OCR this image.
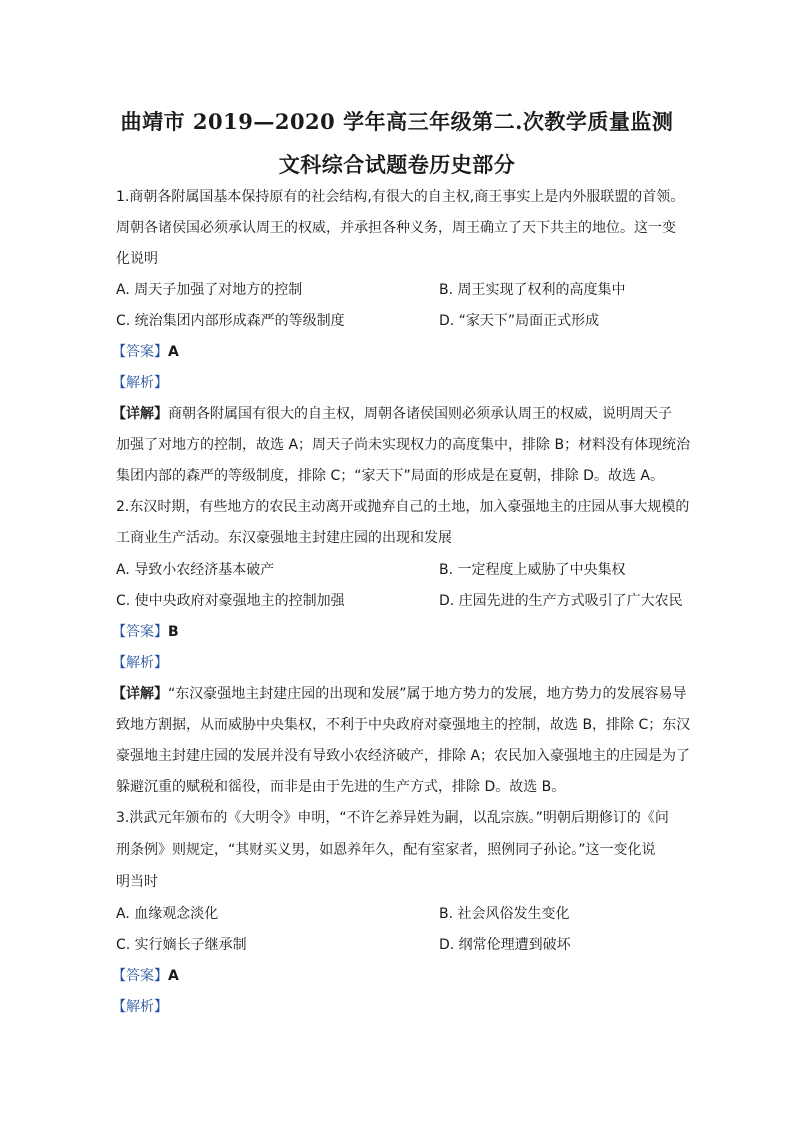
曲靖市 2019—2020 学年高三年级第二.次教学质量监测
文科综合试题卷历史部分
1.商朝各附属国基本保持原有的社会结构,有很大的自主权,商王事实上是内外服联盟的首领。
周朝各诸侯国必须承认周王的权威，并承担各种义务，周王确立了天下共主的地位。这一变
化说明
A. 周天子加强了对地方的控制	B. 周王实现了权利的高度集中
C. 统治集团内部形成森严的等级制度	D. “家天下”局面正式形成
【答案】A
【解析】
【详解】商朝各附属国有很大的自主权，周朝各诸侯国则必须承认周王的权威，说明周天子
加强了对地方的控制，故选 A；周天子尚未实现权力的高度集中，排除 B；材料没有体现统治
集团内部的森严的等级制度，排除 C；“家天下”局面的形成是在夏朝，排除 D。故选 A。
2.东汉时期，有些地方的农民主动离开或抛弃自己的土地，加入豪强地主的庄园从事大规模的
工商业生产活动。东汉豪强地主封建庄园的出现和发展
A. 导致小农经济基本破产	B. 一定程度上威胁了中央集权
C. 使中央政府对豪强地主的控制加强	D. 庄园先进的生产方式吸引了广大农民
【答案】B
【解析】
【详解】“东汉豪强地主封建庄园的出现和发展”属于地方势力的发展，地方势力的发展容易导
致地方割据，从而威胁中央集权，不利于中央政府对豪强地主的控制，故选 B，排除 C；东汉
豪强地主封建庄园的发展并没有导致小农经济破产，排除 A；农民加入豪强地主的庄园是为了
躲避沉重的赋税和徭役，而非是由于先进的生产方式，排除 D。故选 B。
3.洪武元年颁布的《大明令》申明，“不许乞养异姓为嗣，以乱宗族。”明朝后期修订的《问
刑条例》则规定，“其财买义男，如恩养年久，配有室家者，照例同子孙论。”这一变化说
明当时
A. 血缘观念淡化	B. 社会风俗发生变化
C. 实行嫡长子继承制	D. 纲常伦理遭到破坏
【答案】A
【解析】
